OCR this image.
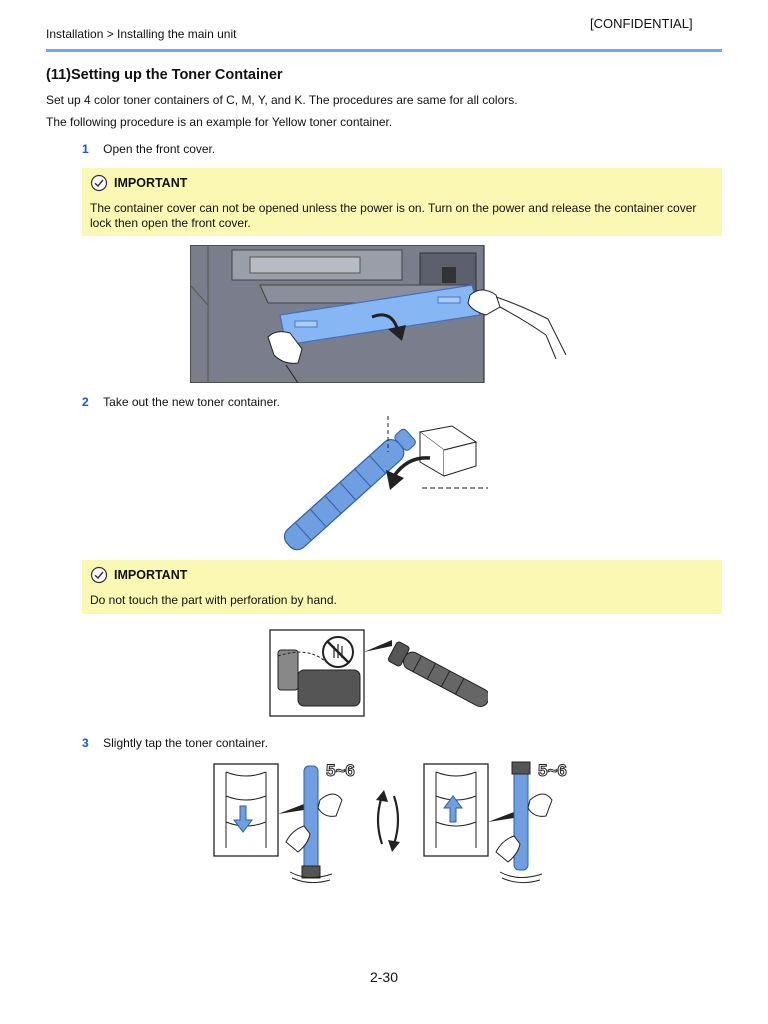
[CONFIDENTIAL]
Installation > Installing the main unit
(11)Setting up the Toner Container
Set up 4 color toner containers of C, M, Y, and K. The procedures are same for all colors.
The following procedure is an example for Yellow toner container.
1 Open the front cover.
IMPORTANT
The container cover can not be opened unless the power is on. Turn on the power and release the container cover lock then open the front cover.
2 Take out the new toner container.
IMPORTANT
Do not touch the part with perforation by hand.
3 Slightly tap the toner container.
5~6	5~6
2-30
